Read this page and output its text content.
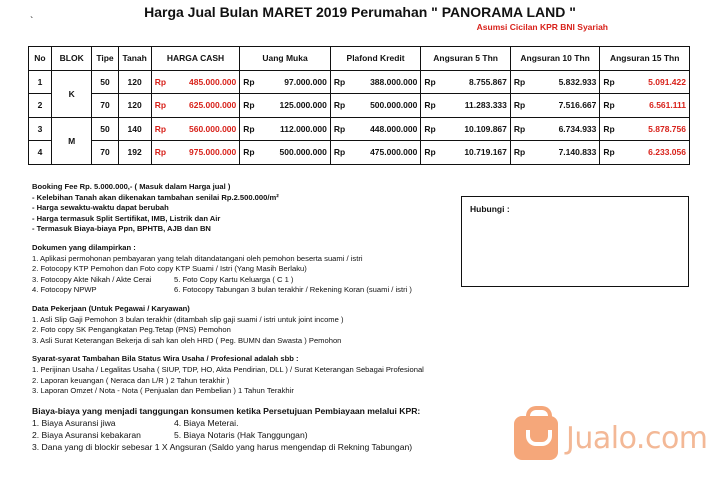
Harga Jual Bulan MARET 2019 Perumahan " PANORAMA LAND "
`	Asumsi Cicilan KPR BNI Syariah
No	BLOK	Tipe	Tanah	HARGA CASH	Uang Muka	Plafond Kredit	Angsuran 5 Thn	Angsuran 10 Thn	Angsuran 15 Thn
1	K	50	120	Rp 485.000.000	Rp 97.000.000	Rp 388.000.000	Rp 8.755.867	Rp 5.832.933	Rp 5.091.422

2		70	120	Rp 625.000.000	Rp 125.000.000	Rp 500.000.000	Rp 11.283.333	Rp 7.516.667	Rp 6.561.111

3	M	50	140	Rp 560.000.000	Rp 112.000.000	Rp 448.000.000	Rp 10.109.867	Rp 6.734.933	Rp 5.878.756

4		70	192	Rp 975.000.000	Rp 500.000.000	Rp 475.000.000	Rp 10.719.167	Rp 7.140.833	Rp 6.233.056
Hubungi :
Booking Fee Rp. 5.000.000,- ( Masuk dalam Harga jual )
- Kelebihan Tanah akan dikenakan tambahan senilai Rp.2.500.000/m²
- Harga sewaktu-waktu dapat berubah
- Harga termasuk Split Sertifikat, IMB, Listrik dan Air
- Termasuk Biaya-biaya Ppn, BPHTB, AJB dan BN
Dokumen yang dilampirkan :
1. Aplikasi permohonan pembayaran yang telah ditandatangani oleh pemohon beserta suami / istri
2. Fotocopy KTP Pemohon dan Foto copy KTP Suami / Istri (Yang Masih Berlaku)
3. Fotocopy Akte Nikah / Akte Cerai	5. Foto Copy Kartu Keluarga ( C 1 )
4. Fotocopy NPWP	6. Fotocopy Tabungan 3 bulan terakhir / Rekening Koran (suami / istri )
Data Pekerjaan (Untuk Pegawai / Karyawan)
1. Asli Slip Gaji Pemohon 3 bulan terakhir (ditambah slip gaji suami / istri untuk joint income )
2. Foto copy SK Pengangkatan Peg.Tetap (PNS) Pemohon
3. Asli Surat Keterangan Bekerja di sah kan oleh HRD ( Peg. BUMN dan Swasta ) Pemohon
Syarat-syarat Tambahan Bila Status Wira Usaha / Profesional adalah sbb :
1. Perijinan Usaha / Legalitas Usaha ( SIUP, TDP, HO, Akta Pendirian, DLL ) / Surat Keterangan Sebagai Profesional
2. Laporan keuangan ( Neraca dan L/R ) 2 Tahun terakhir )
3. Laporan Omzet / Nota - Nota ( Penjualan dan Pembelian ) 1 Tahun Terakhir
Biaya-biaya yang menjadi tanggungan konsumen ketika Persetujuan Pembiayaan melalui KPR:
1. Biaya Asuransi jiwa	4. Biaya Meterai.
2. Biaya Asuransi kebakaran	5. Biaya Notaris (Hak Tanggungan)
3. Dana yang di blockir sebesar 1 X Angsuran (Saldo yang harus mengendap di Rekning Tabungan)	Jualo.com
